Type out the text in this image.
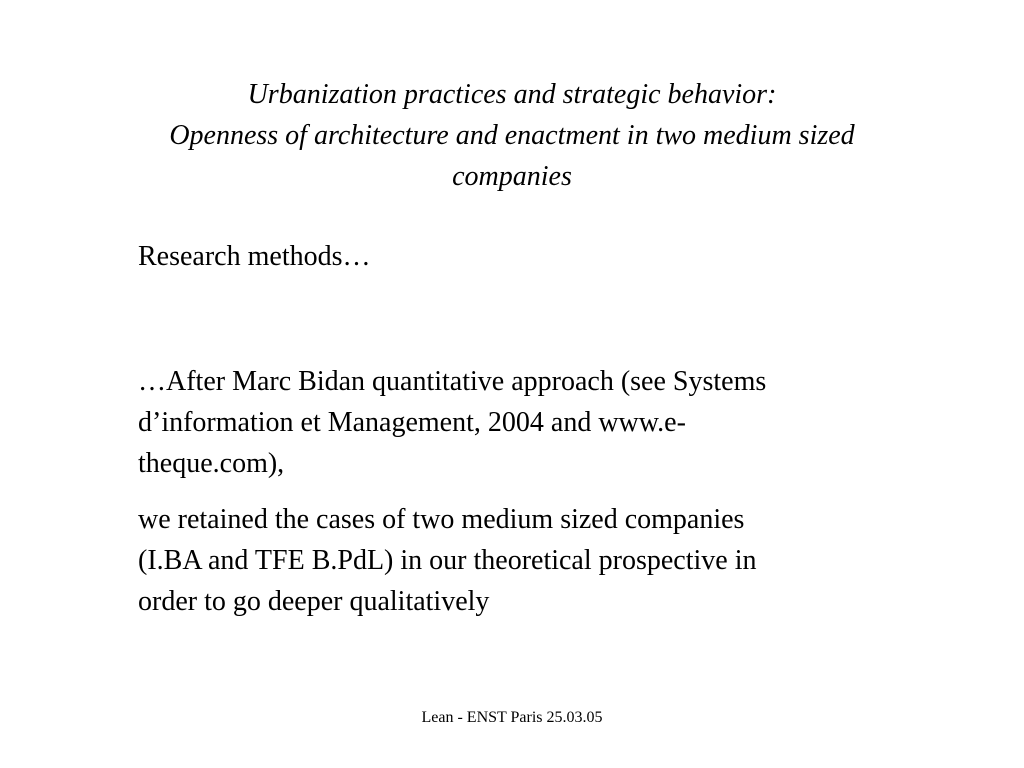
Urbanization practices and strategic behavior:
Openness of architecture and enactment in two medium sized
companies

Research methods…

…After Marc Bidan quantitative approach (see Systems
d’information et Management, 2004 and www.e-
theque.com),

we retained the cases of two medium sized companies
(I.BA and TFE B.PdL) in our theoretical prospective in
order to go deeper qualitatively

Lean - ENST Paris 25.03.05
